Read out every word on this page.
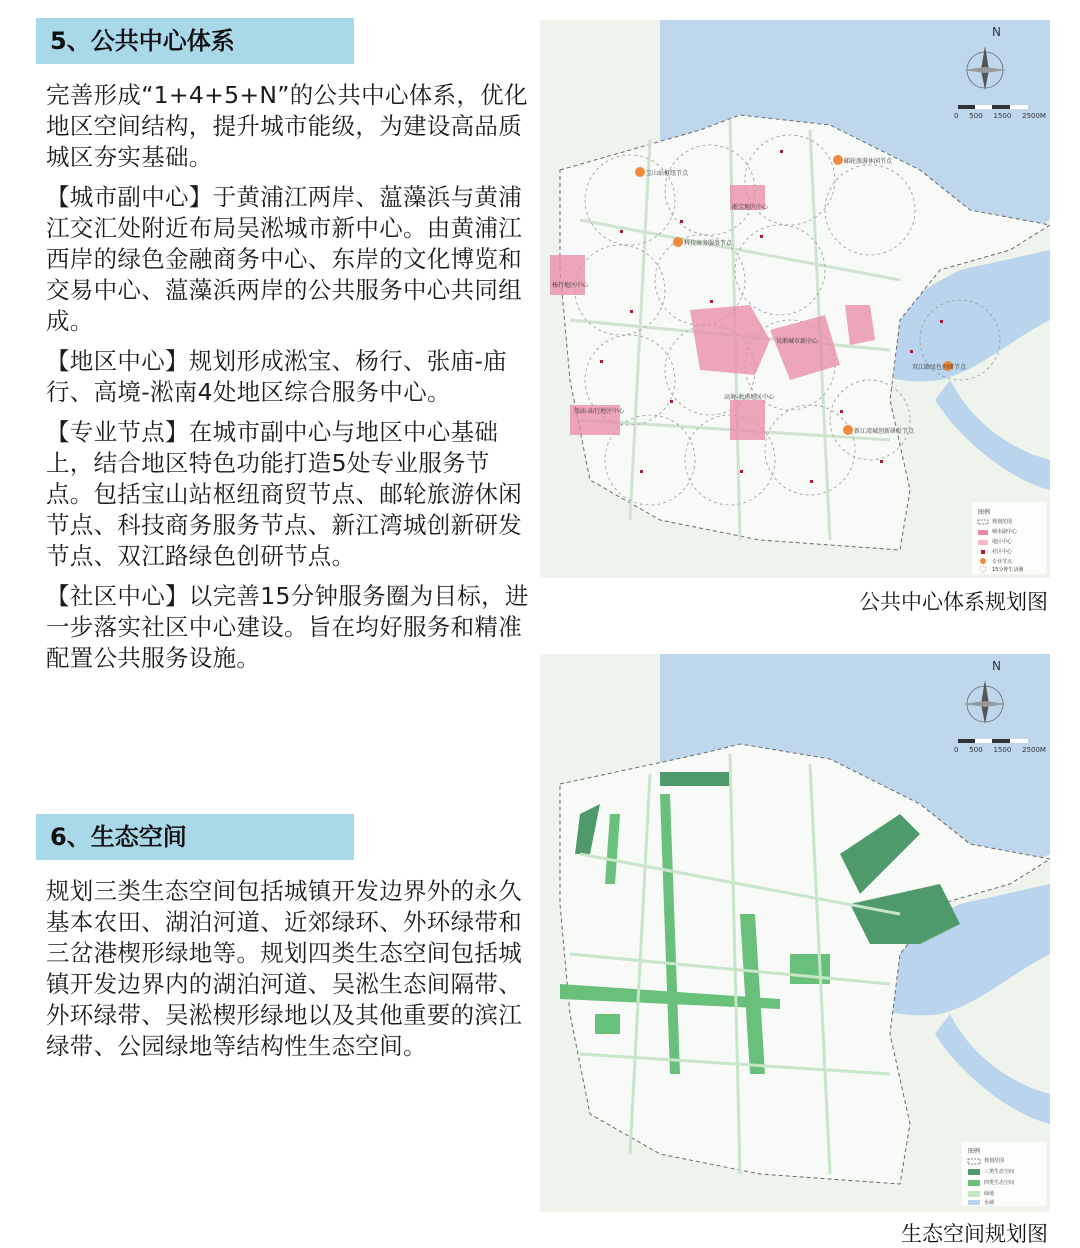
5、公共中心体系

完善形成“1+4+5+N”的公共中心体系，优化地区空间结构，提升城市能级，为建设高品质城区夯实基础。

【城市副中心】于黄浦江两岸、蕰藻浜与黄浦江交汇处附近布局吴淞城市新中心。由黄浦江西岸的绿色金融商务中心、东岸的文化博览和交易中心、蕰藻浜两岸的公共服务中心共同组成。

【地区中心】规划形成淞宝、杨行、张庙-庙行、高境-淞南4处地区综合服务中心。

【专业节点】在城市副中心与地区中心基础上，结合地区特色功能打造5处专业服务节点。包括宝山站枢纽商贸节点、邮轮旅游休闲节点、科技商务服务节点、新江湾城创新研发节点、双江路绿色创研节点。

【社区中心】以完善15分钟服务圈为目标，进一步落实社区中心建设。旨在均好服务和精准配置公共服务设施。

6、生态空间

规划三类生态空间包括城镇开发边界外的永久基本农田、湖泊河道、近郊绿环、外环绿带和三岔港楔形绿地等。规划四类生态空间包括城镇开发边界内的湖泊河道、吴淞生态间隔带、外环绿带、吴淞楔形绿地以及其他重要的滨江绿带、公园绿地等结构性生态空间。

N
0 500 1500 2500M
宝山站枢纽节点
邮轮旅游休闲节点
淞宝地区中心
科技商务服务节点
杨行地区中心
吴淞城市新中心
双江路绿色创研节点
张庙-庙行地区中心
高境-淞南地区中心
新江湾城创新研发节点
图例
规划范围
城市副中心
地区中心
社区中心
专业节点
15分钟生活圈
公共中心体系规划图
N
0 500 1500 2500M
图例
规划范围
三类生态空间
四类生态空间
绿地
水域
生态空间规划图
